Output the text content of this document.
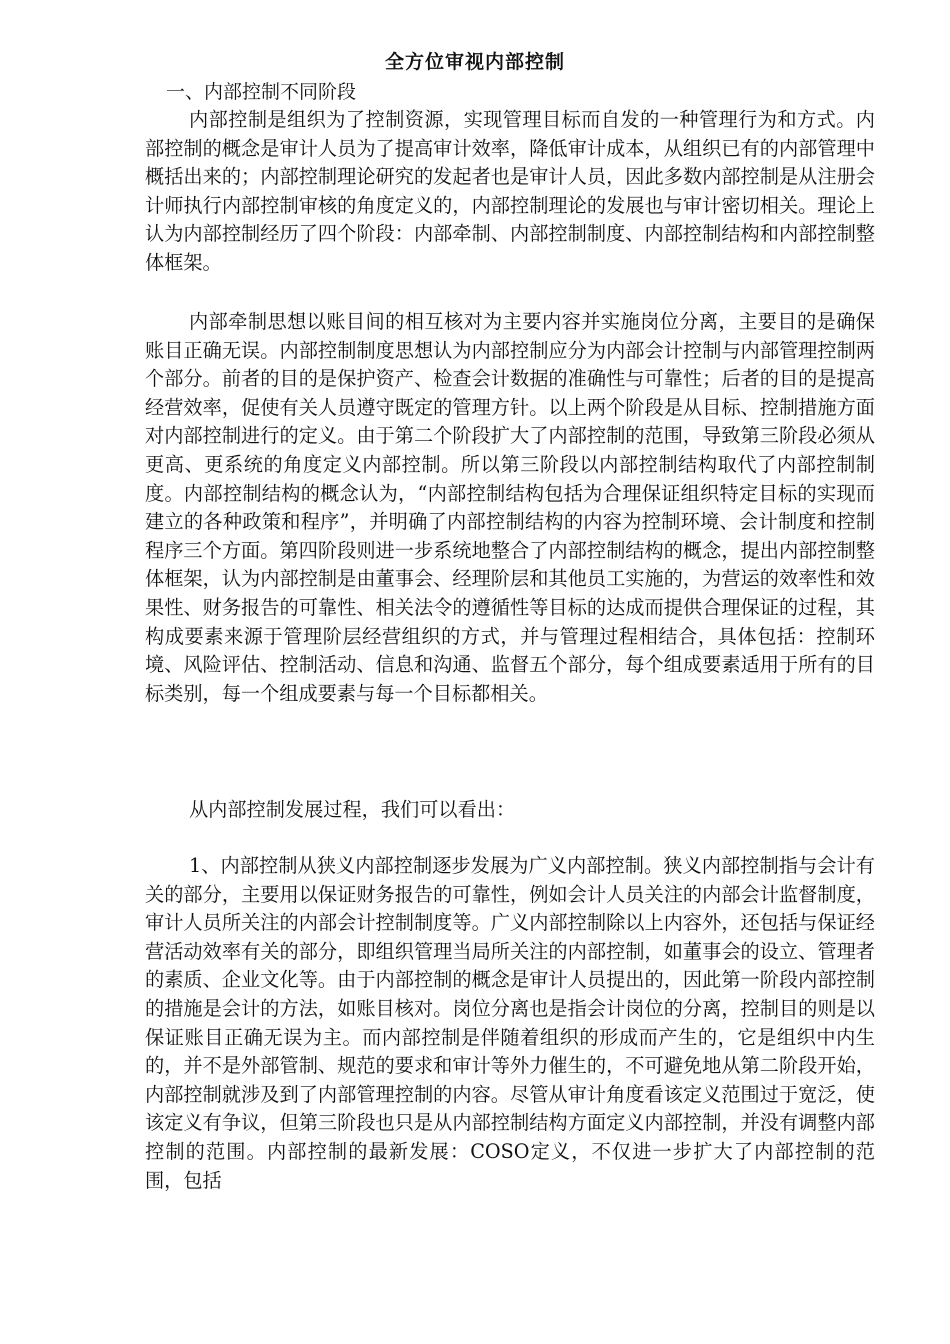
全方位审视内部控制
一、内部控制不同阶段

内部控制是组织为了控制资源，实现管理目标而自发的一种管理行为和方式。内部控制的概念是审计人员为了提高审计效率，降低审计成本，从组织已有的内部管理中概括出来的；内部控制理论研究的发起者也是审计人员，因此多数内部控制是从注册会计师执行内部控制审核的角度定义的，内部控制理论的发展也与审计密切相关。理论上认为内部控制经历了四个阶段：内部牵制、内部控制制度、内部控制结构和内部控制整体框架。

内部牵制思想以账目间的相互核对为主要内容并实施岗位分离，主要目的是确保账目正确无误。内部控制制度思想认为内部控制应分为内部会计控制与内部管理控制两个部分。前者的目的是保护资产、检查会计数据的准确性与可靠性；后者的目的是提高经营效率，促使有关人员遵守既定的管理方针。以上两个阶段是从目标、控制措施方面对内部控制进行的定义。由于第二个阶段扩大了内部控制的范围，导致第三阶段必须从更高、更系统的角度定义内部控制。所以第三阶段以内部控制结构取代了内部控制制度。内部控制结构的概念认为，“内部控制结构包括为合理保证组织特定目标的实现而建立的各种政策和程序”，并明确了内部控制结构的内容为控制环境、会计制度和控制程序三个方面。第四阶段则进一步系统地整合了内部控制结构的概念，提出内部控制整体框架，认为内部控制是由董事会、经理阶层和其他员工实施的，为营运的效率性和效果性、财务报告的可靠性、相关法令的遵循性等目标的达成而提供合理保证的过程，其构成要素来源于管理阶层经营组织的方式，并与管理过程相结合，具体包括：控制环境、风险评估、控制活动、信息和沟通、监督五个部分，每个组成要素适用于所有的目标类别，每一个组成要素与每一个目标都相关。

从内部控制发展过程，我们可以看出：

1、内部控制从狭义内部控制逐步发展为广义内部控制。狭义内部控制指与会计有关的部分，主要用以保证财务报告的可靠性，例如会计人员关注的内部会计监督制度，审计人员所关注的内部会计控制制度等。广义内部控制除以上内容外，还包括与保证经营活动效率有关的部分，即组织管理当局所关注的内部控制，如董事会的设立、管理者的素质、企业文化等。由于内部控制的概念是审计人员提出的，因此第一阶段内部控制的措施是会计的方法，如账目核对。岗位分离也是指会计岗位的分离，控制目的则是以保证账目正确无误为主。而内部控制是伴随着组织的形成而产生的，它是组织中内生的，并不是外部管制、规范的要求和审计等外力催生的，不可避免地从第二阶段开始，内部控制就涉及到了内部管理控制的内容。尽管从审计角度看该定义范围过于宽泛，使该定义有争议，但第三阶段也只是从内部控制结构方面定义内部控制，并没有调整内部控制的范围。内部控制的最新发展：COSO定义，不仅进一步扩大了内部控制的范围，包括
